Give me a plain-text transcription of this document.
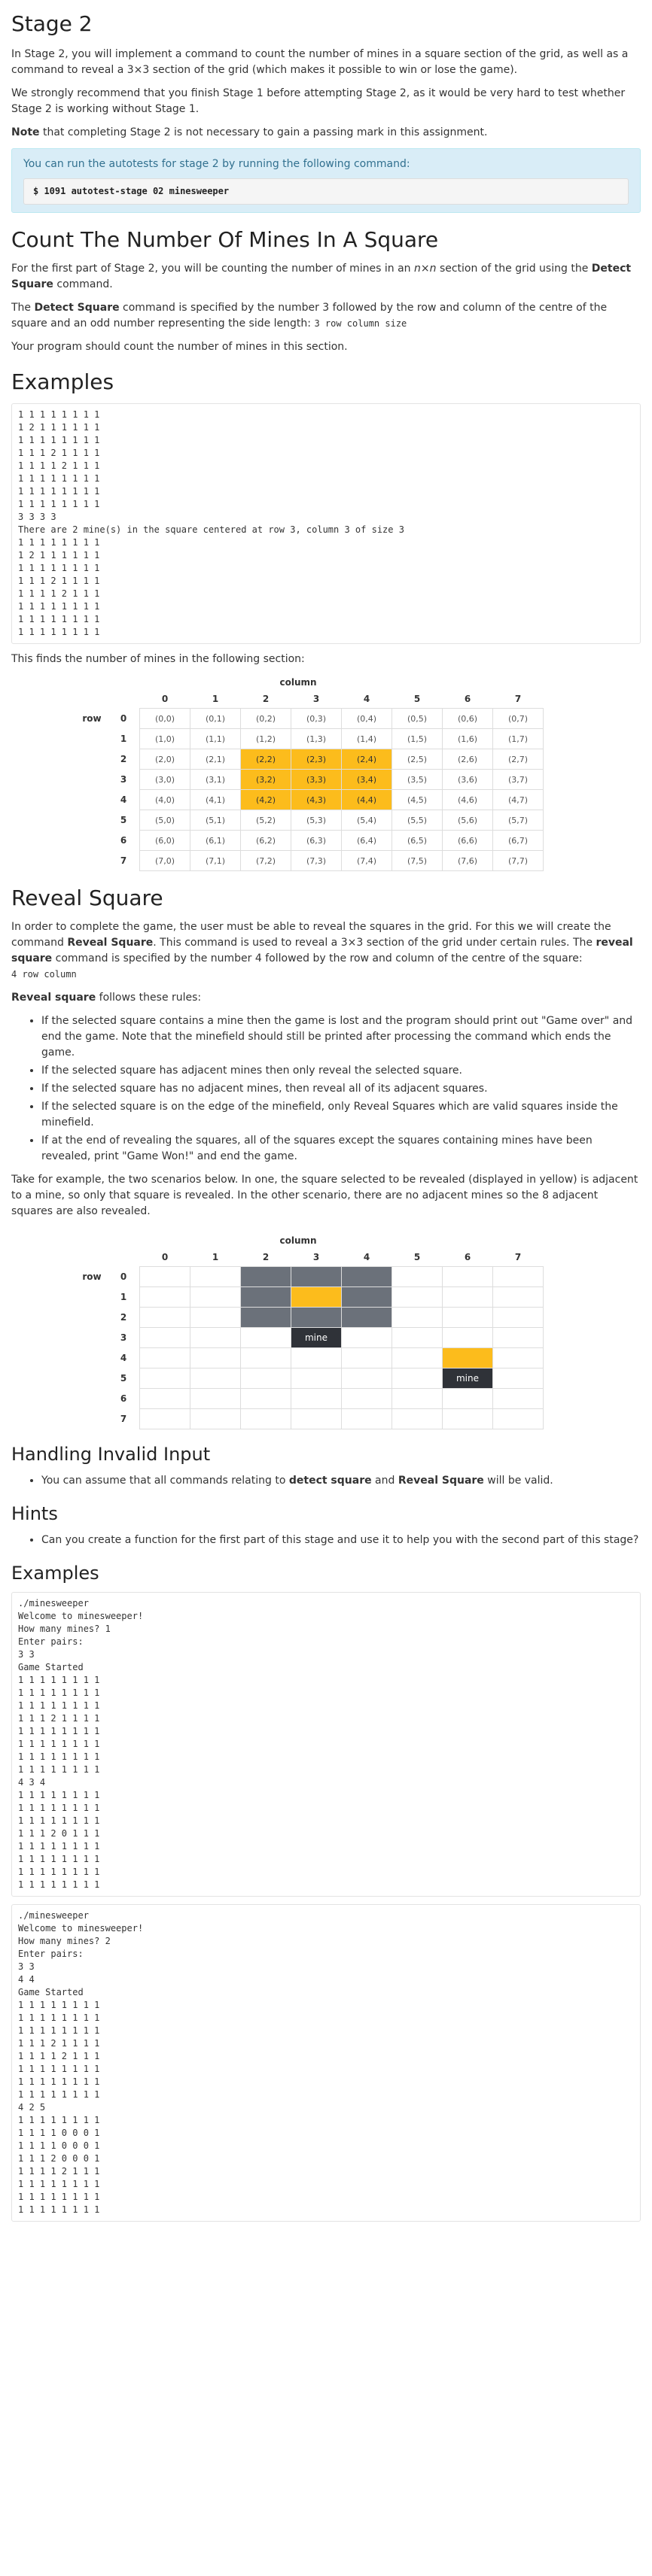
Stage 2

In Stage 2, you will implement a command to count the number of mines in a square section of the grid, as well as a command to reveal a 3×3 section of the grid (which makes it possible to win or lose the game).

We strongly recommend that you finish Stage 1 before attempting Stage 2, as it would be very hard to test whether Stage 2 is working without Stage 1.

Note that completing Stage 2 is not necessary to gain a passing mark in this assignment.

You can run the autotests for stage 2 by running the following command:

$ 1091 autotest-stage 02 minesweeper
Count The Number Of Mines In A Square

For the first part of Stage 2, you will be counting the number of mines in an n×n section of the grid using the Detect Square command.

The Detect Square command is specified by the number 3 followed by the row and column of the centre of the square and an odd number representing the side length: 3 row column size

Your program should count the number of mines in this section.

Examples
1 1 1 1 1 1 1 1
1 2 1 1 1 1 1 1
1 1 1 1 1 1 1 1
1 1 1 2 1 1 1 1
1 1 1 1 2 1 1 1
1 1 1 1 1 1 1 1
1 1 1 1 1 1 1 1
1 1 1 1 1 1 1 1
3 3 3 3
There are 2 mine(s) in the square centered at row 3, column 3 of size 3
1 1 1 1 1 1 1 1
1 2 1 1 1 1 1 1
1 1 1 1 1 1 1 1
1 1 1 2 1 1 1 1
1 1 1 1 2 1 1 1
1 1 1 1 1 1 1 1
1 1 1 1 1 1 1 1
1 1 1 1 1 1 1 1

This finds the number of mines in the following section:

column
		0	1	2	3	4	5	6	7
row	0	(0,0)	(0,1)	(0,2)	(0,3)	(0,4)	(0,5)	(0,6)	(0,7)
	1	(1,0)	(1,1)	(1,2)	(1,3)	(1,4)	(1,5)	(1,6)	(1,7)
	2	(2,0)	(2,1)	(2,2)	(2,3)	(2,4)	(2,5)	(2,6)	(2,7)
	3	(3,0)	(3,1)	(3,2)	(3,3)	(3,4)	(3,5)	(3,6)	(3,7)
	4	(4,0)	(4,1)	(4,2)	(4,3)	(4,4)	(4,5)	(4,6)	(4,7)
	5	(5,0)	(5,1)	(5,2)	(5,3)	(5,4)	(5,5)	(5,6)	(5,7)
	6	(6,0)	(6,1)	(6,2)	(6,3)	(6,4)	(6,5)	(6,6)	(6,7)
	7	(7,0)	(7,1)	(7,2)	(7,3)	(7,4)	(7,5)	(7,6)	(7,7)
Reveal Square

In order to complete the game, the user must be able to reveal the squares in the grid. For this we will create the command Reveal Square. This command is used to reveal a 3×3 section of the grid under certain rules. The reveal square command is specified by the number 4 followed by the row and column of the centre of the square:
4 row column

Reveal square follows these rules:

• If the selected square contains a mine then the game is lost and the program should print out "Game over" and end the game. Note that the minefield should still be printed after processing the command which ends the game.
• If the selected square has adjacent mines then only reveal the selected square.
• If the selected square has no adjacent mines, then reveal all of its adjacent squares.
• If the selected square is on the edge of the minefield, only Reveal Squares which are valid squares inside the minefield.
• If at the end of revealing the squares, all of the squares except the squares containing mines have been revealed, print "Game Won!" and end the game.

Take for example, the two scenarios below. In one, the square selected to be revealed (displayed in yellow) is adjacent to a mine, so only that square is revealed. In the other scenario, there are no adjacent mines so the 8 adjacent squares are also revealed.

column
		0	1	2	3	4	5	6	7
row	0								
	1								
	2								
	3				mine				
	4								
	5							mine	
	6								
	7								
Handling Invalid Input
• You can assume that all commands relating to detect square and Reveal Square will be valid.
Hints
• Can you create a function for the first part of this stage and use it to help you with the second part of this stage?
Examples
./minesweeper
Welcome to minesweeper!
How many mines? 1
Enter pairs:
3 3
Game Started
1 1 1 1 1 1 1 1
1 1 1 1 1 1 1 1
1 1 1 1 1 1 1 1
1 1 1 2 1 1 1 1
1 1 1 1 1 1 1 1
1 1 1 1 1 1 1 1
1 1 1 1 1 1 1 1
1 1 1 1 1 1 1 1
4 3 4
1 1 1 1 1 1 1 1
1 1 1 1 1 1 1 1
1 1 1 1 1 1 1 1
1 1 1 2 0 1 1 1
1 1 1 1 1 1 1 1
1 1 1 1 1 1 1 1
1 1 1 1 1 1 1 1
1 1 1 1 1 1 1 1
./minesweeper
Welcome to minesweeper!
How many mines? 2
Enter pairs:
3 3
4 4
Game Started
1 1 1 1 1 1 1 1
1 1 1 1 1 1 1 1
1 1 1 1 1 1 1 1
1 1 1 2 1 1 1 1
1 1 1 1 2 1 1 1
1 1 1 1 1 1 1 1
1 1 1 1 1 1 1 1
1 1 1 1 1 1 1 1
4 2 5
1 1 1 1 1 1 1 1
1 1 1 1 0 0 0 1
1 1 1 1 0 0 0 1
1 1 1 2 0 0 0 1
1 1 1 1 2 1 1 1
1 1 1 1 1 1 1 1
1 1 1 1 1 1 1 1
1 1 1 1 1 1 1 1
